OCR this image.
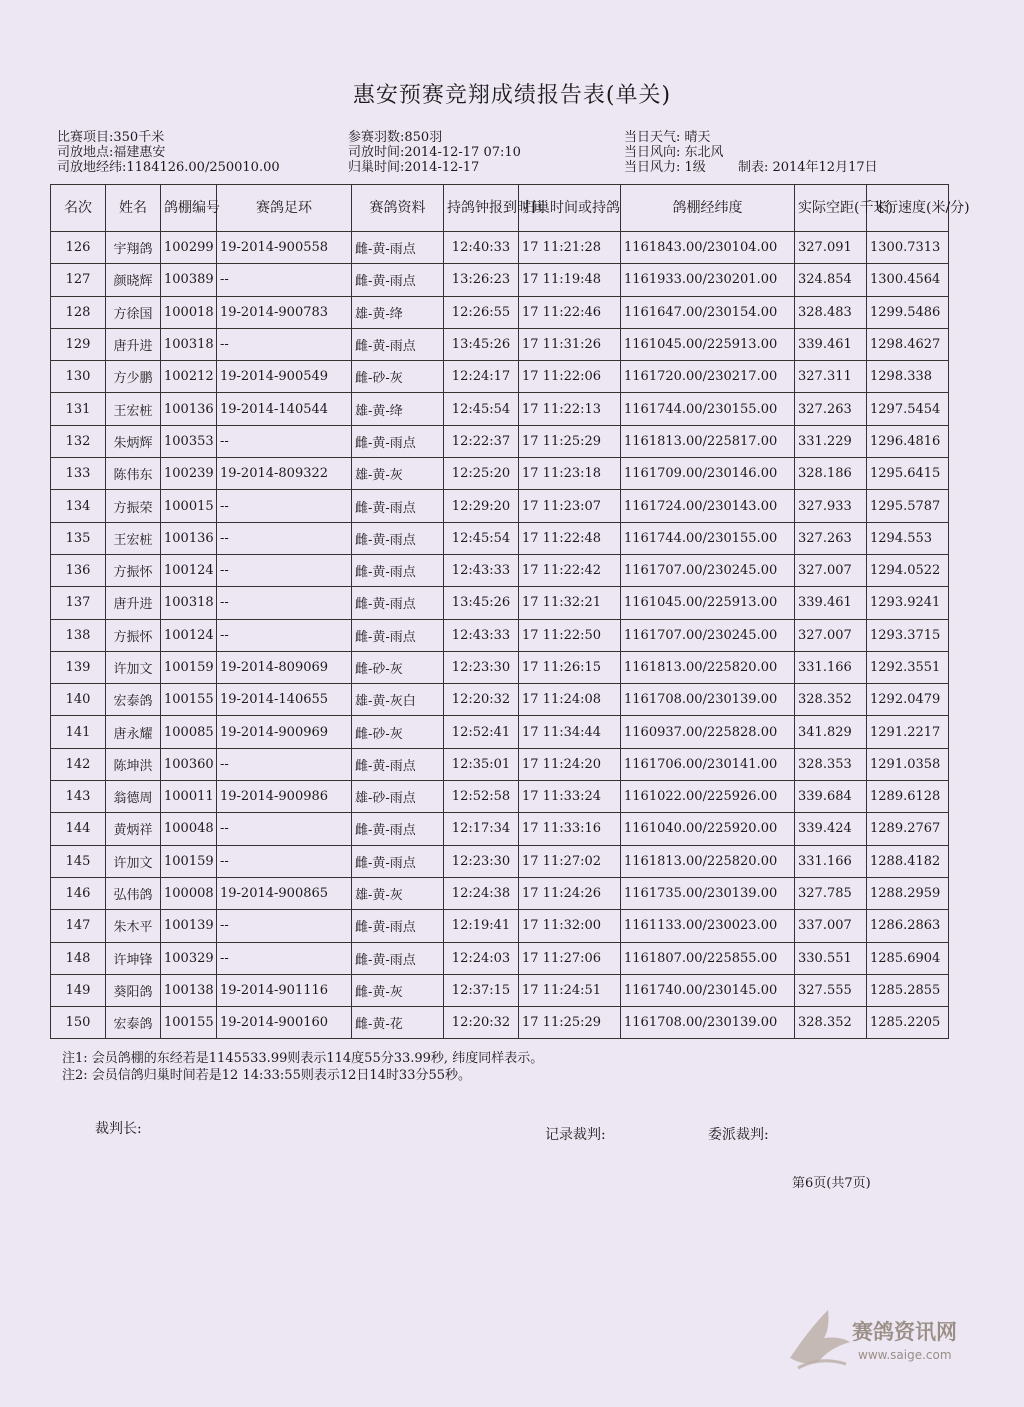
惠安预赛竞翔成绩报告表(单关)
比赛项目:350千米
司放地点:福建惠安
司放地经纬:1184126.00/250010.00
参赛羽数:850羽
司放时间:2014-12-17 07:10
归巢时间:2014-12-17
当日天气: 晴天
当日风向: 东北风
当日风力: 1级 制表: 2014年12月17日
名次	姓名	鸽棚编号	赛鸽足环	赛鸽资料	持鸽钟报到时间	归巢时间或持鸽	鸽棚经纬度	实际空距(千米)	飞行速度(米/分)
126	宇翔鸽	100299	19-2014-900558	雌-黄-雨点	12:40:33	17 11:21:28	1161843.00/230104.00	327.091	1300.7313
127	颜晓辉	100389	--	雌-黄-雨点	13:26:23	17 11:19:48	1161933.00/230201.00	324.854	1300.4564
128	方徐国	100018	19-2014-900783	雄-黄-绛	12:26:55	17 11:22:46	1161647.00/230154.00	328.483	1299.5486
129	唐升进	100318	--	雌-黄-雨点	13:45:26	17 11:31:26	1161045.00/225913.00	339.461	1298.4627
130	方少鹏	100212	19-2014-900549	雌-砂-灰	12:24:17	17 11:22:06	1161720.00/230217.00	327.311	1298.338
131	王宏桩	100136	19-2014-140544	雄-黄-绛	12:45:54	17 11:22:13	1161744.00/230155.00	327.263	1297.5454
132	朱炳辉	100353	--	雌-黄-雨点	12:22:37	17 11:25:29	1161813.00/225817.00	331.229	1296.4816
133	陈伟东	100239	19-2014-809322	雄-黄-灰	12:25:20	17 11:23:18	1161709.00/230146.00	328.186	1295.6415
134	方振荣	100015	--	雌-黄-雨点	12:29:20	17 11:23:07	1161724.00/230143.00	327.933	1295.5787
135	王宏桩	100136	--	雌-黄-雨点	12:45:54	17 11:22:48	1161744.00/230155.00	327.263	1294.553
136	方振怀	100124	--	雌-黄-雨点	12:43:33	17 11:22:42	1161707.00/230245.00	327.007	1294.0522
137	唐升进	100318	--	雌-黄-雨点	13:45:26	17 11:32:21	1161045.00/225913.00	339.461	1293.9241
138	方振怀	100124	--	雌-黄-雨点	12:43:33	17 11:22:50	1161707.00/230245.00	327.007	1293.3715
139	许加文	100159	19-2014-809069	雌-砂-灰	12:23:30	17 11:26:15	1161813.00/225820.00	331.166	1292.3551
140	宏泰鸽	100155	19-2014-140655	雄-黄-灰白	12:20:32	17 11:24:08	1161708.00/230139.00	328.352	1292.0479
141	唐永耀	100085	19-2014-900969	雌-砂-灰	12:52:41	17 11:34:44	1160937.00/225828.00	341.829	1291.2217
142	陈坤洪	100360	--	雌-黄-雨点	12:35:01	17 11:24:20	1161706.00/230141.00	328.353	1291.0358
143	翁德周	100011	19-2014-900986	雄-砂-雨点	12:52:58	17 11:33:24	1161022.00/225926.00	339.684	1289.6128
144	黄炳祥	100048	--	雌-黄-雨点	12:17:34	17 11:33:16	1161040.00/225920.00	339.424	1289.2767
145	许加文	100159	--	雌-黄-雨点	12:23:30	17 11:27:02	1161813.00/225820.00	331.166	1288.4182
146	弘伟鸽	100008	19-2014-900865	雄-黄-灰	12:24:38	17 11:24:26	1161735.00/230139.00	327.785	1288.2959
147	朱木平	100139	--	雌-黄-雨点	12:19:41	17 11:32:00	1161133.00/230023.00	337.007	1286.2863
148	许坤锋	100329	--	雌-黄-雨点	12:24:03	17 11:27:06	1161807.00/225855.00	330.551	1285.6904
149	葵阳鸽	100138	19-2014-901116	雌-黄-灰	12:37:15	17 11:24:51	1161740.00/230145.00	327.555	1285.2855
150	宏泰鸽	100155	19-2014-900160	雌-黄-花	12:20:32	17 11:25:29	1161708.00/230139.00	328.352	1285.2205
注1: 会员鸽棚的东经若是1145533.99则表示114度55分33.99秒, 纬度同样表示。
注2: 会员信鸽归巢时间若是12 14:33:55则表示12日14时33分55秒。
裁判长:	记录裁判:	委派裁判:
第6页(共7页)
赛鸽资讯网
www.saige.com
